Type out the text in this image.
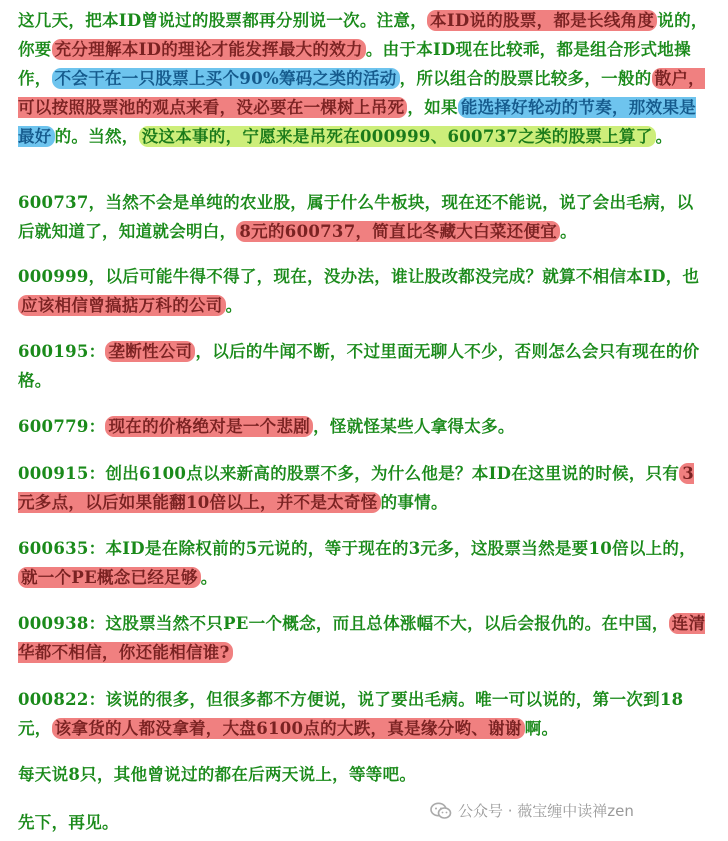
这几天，把本ID曾说过的股票都再分别说一次。注意， 本ID说的股票，都是长线角度 说的，你要 充分理解本ID的理论才能发挥最大的效力 。由于本ID现在比较乖，都是组合形式地操作， 不会干在一只股票上买个90%筹码之类的活动 ，所以组合的股票比较多，一般的 散户，可以按照股票池的观点来看，没必要在一棵树上吊死 ，如果 能选择好轮动的节奏，那效果是最好 的。当然， 没这本事的，宁愿来是吊死在000999、600737之类的股票上算了 。

600737，当然不会是单纯的农业股，属于什么牛板块，现在还不能说，说了会出毛病，以后就知道了，知道就会明白， 8元的600737，简直比冬藏大白菜还便宜 。

000999，以后可能牛得不得了，现在，没办法，谁让股改都没完成？就算不相信本ID，也应该相信曾搞掂万科的公司 。

600195： 垄断性公司 ，以后的牛闻不断，不过里面无聊人不少，否则怎么会只有现在的价格。

600779： 现在的价格绝对是一个悲剧 ，怪就怪某些人拿得太多。

000915：创出6100点以来新高的股票不多，为什么他是？本ID在这里说的时候，只有 3元多点，以后如果能翻10倍以上，并不是太奇怪 的事情。

600635：本ID是在除权前的5元说的，等于现在的3元多，这股票当然是要10倍以上的，就一个PE概念已经足够 。

000938：这股票当然不只PE一个概念，而且总体涨幅不大，以后会报仇的。在中国， 连清华都不相信，你还能相信谁?

000822：该说的很多，但很多都不方便说，说了要出毛病。唯一可以说的，第一次到18元， 该拿货的人都没拿着，大盘6100点的大跌，真是缘分哟、谢谢 啊。

每天说8只，其他曾说过的都在后两天说上，等等吧。

先下，再见。

公众号 · 薇宝缠中读禅zen
